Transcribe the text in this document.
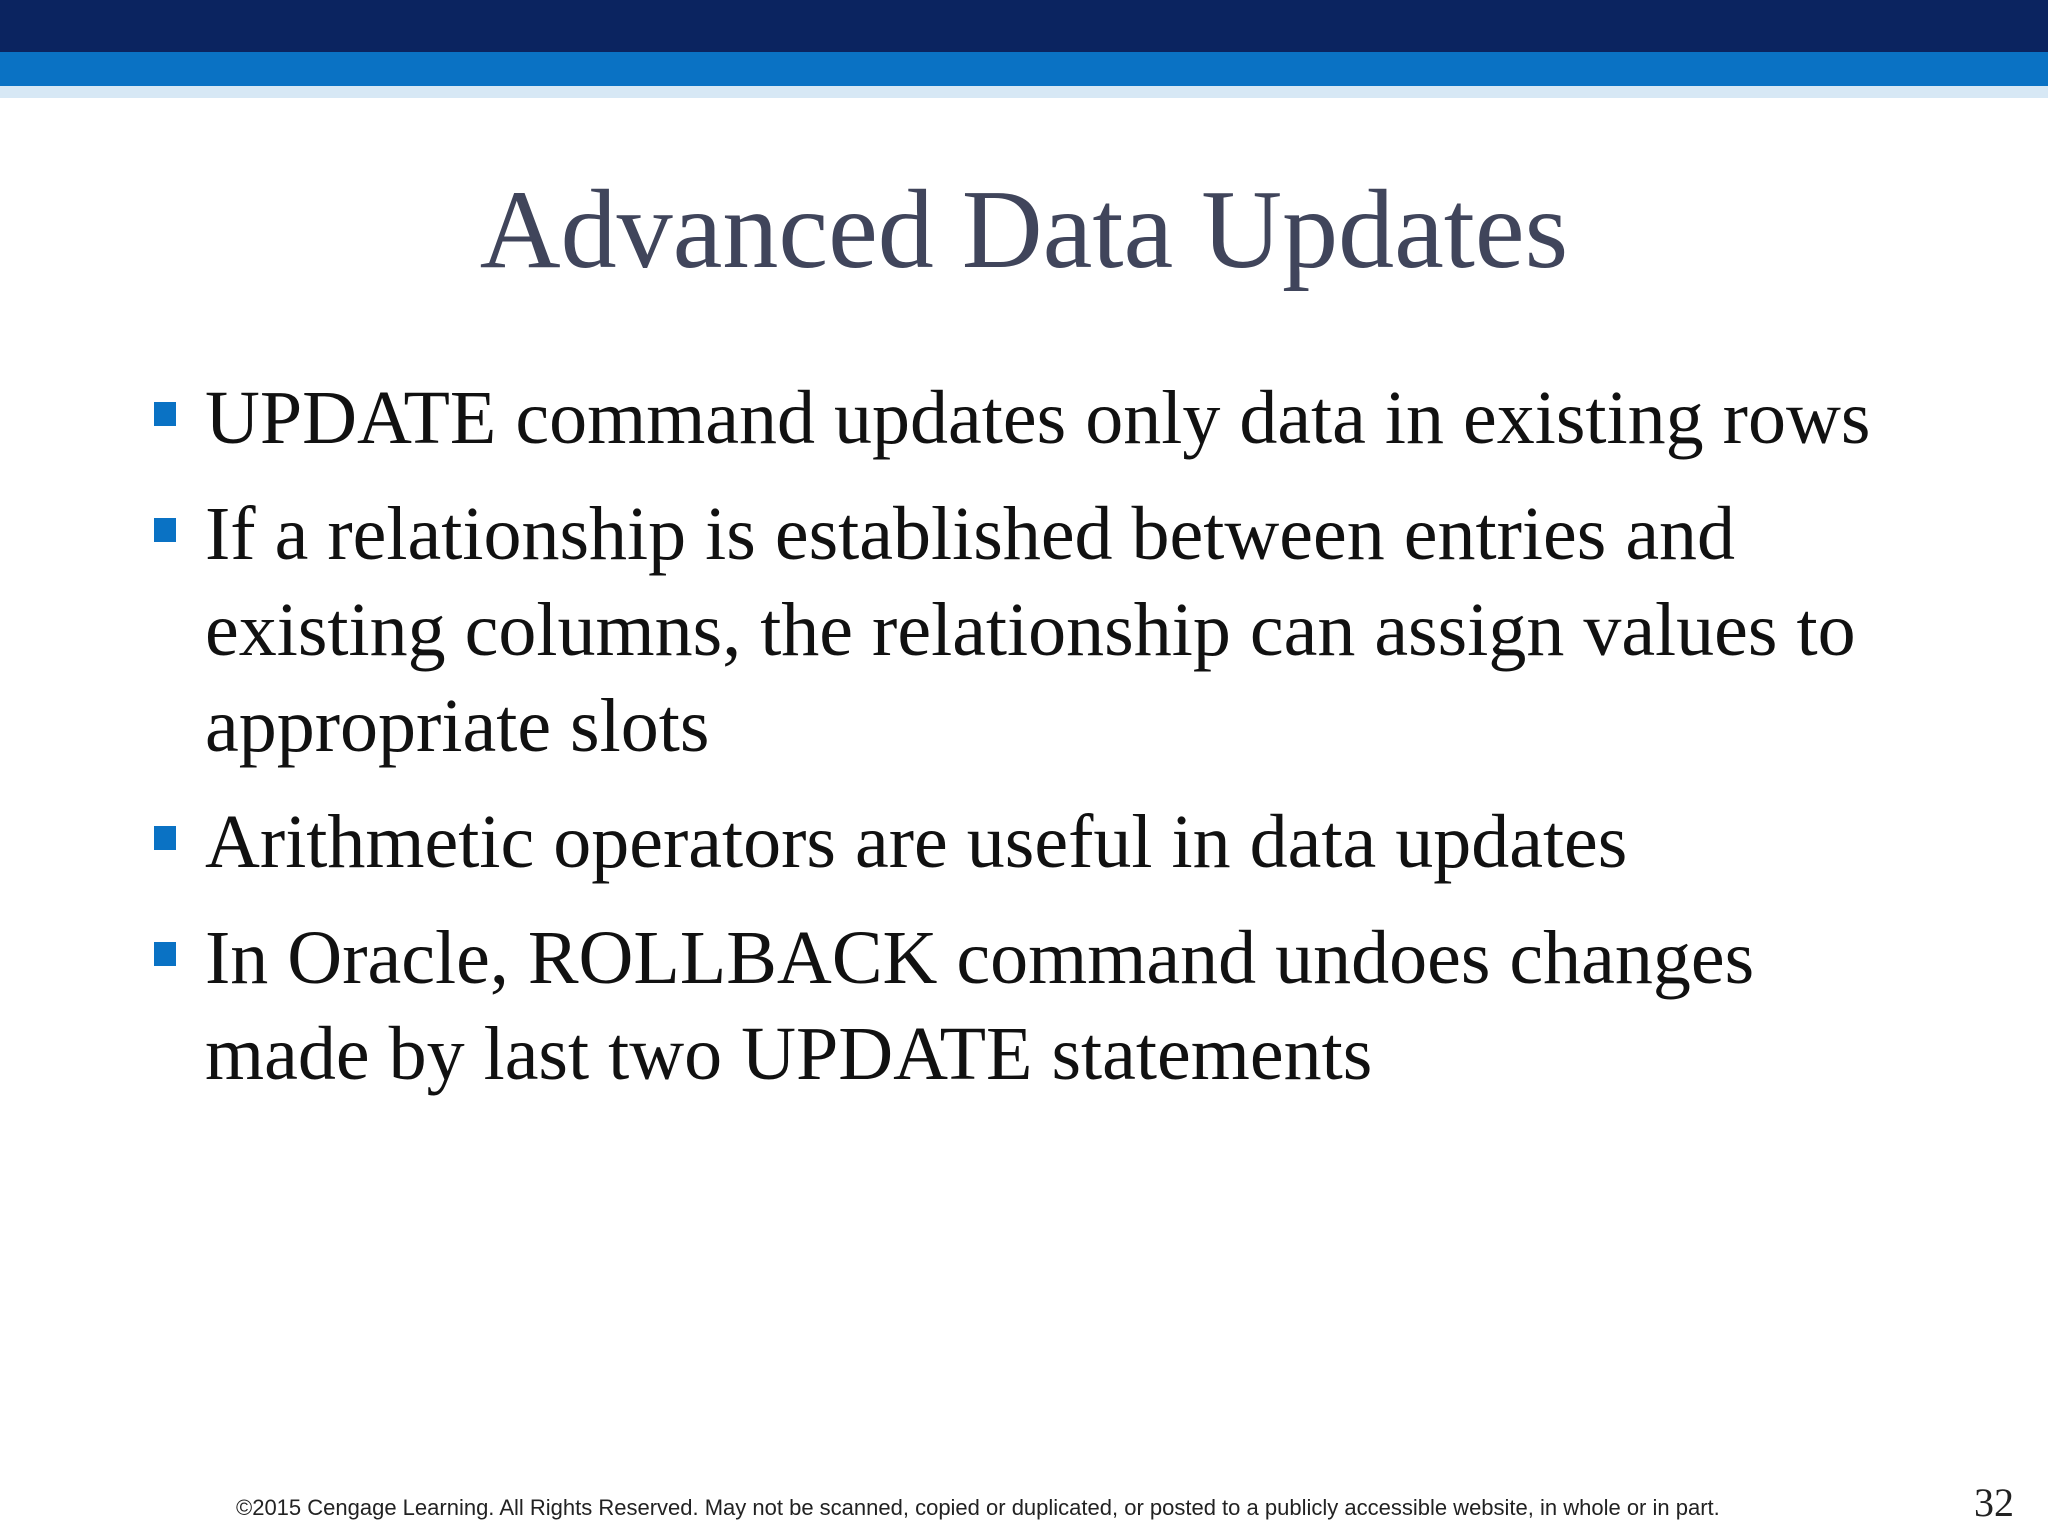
Advanced Data Updates
UPDATE command updates only data in existing rows
If a relationship is established between entries and existing columns, the relationship can assign values to appropriate slots
Arithmetic operators are useful in data updates
In Oracle, ROLLBACK command undoes changes made by last two UPDATE statements
©2015 Cengage Learning. All Rights Reserved. May not be scanned, copied or duplicated, or posted to a publicly accessible website, in whole or in part.	32
